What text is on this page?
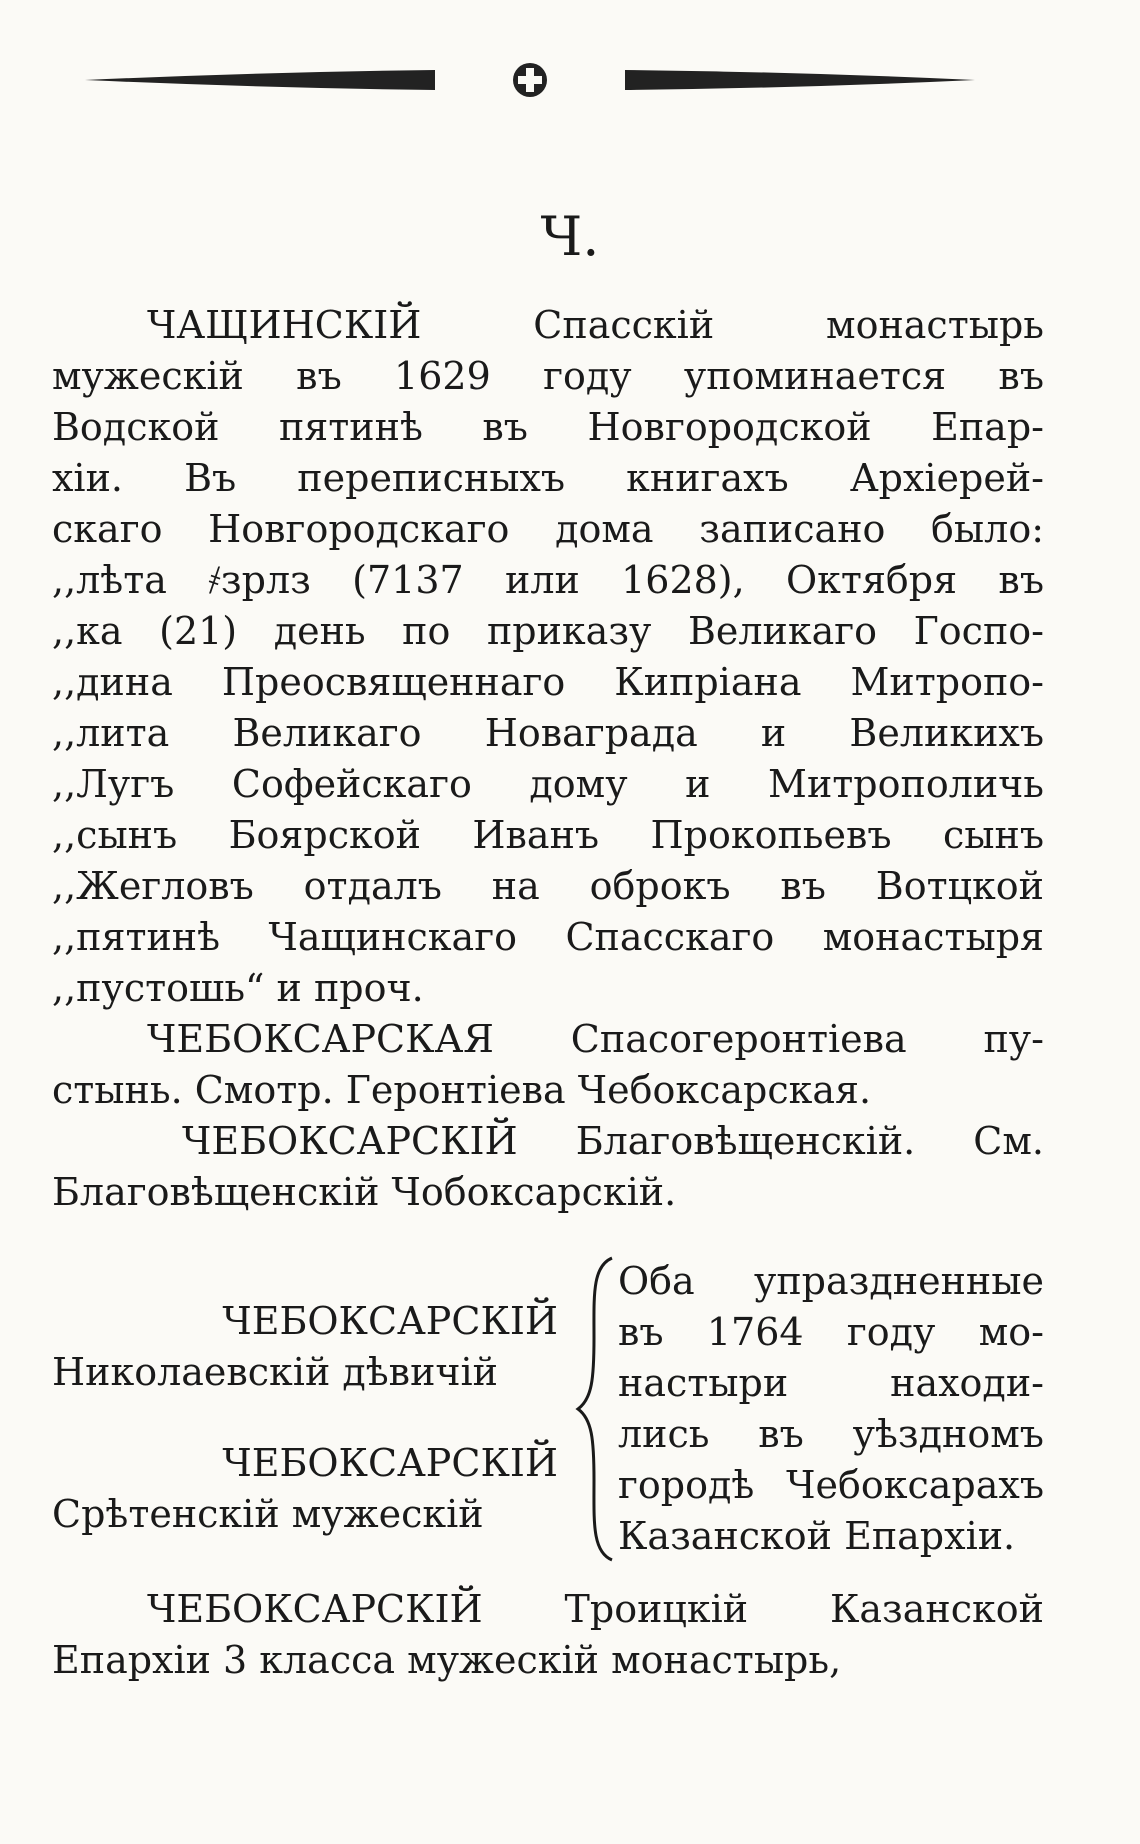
Ч.
ЧАЩИНСКІЙ Спасскій монастырь
мужескій въ 1629 году упоминается въ
Водской пятинѣ въ Новгородской Епар-
хіи. Въ переписныхъ книгахъ Архіерей-
скаго Новгородскаго дома записано было:
,,лѣта ҂зрлз (7137 или 1628), Октября въ
,,ка (21) день по приказу Великаго Госпо-
,,дина Преосвященнаго Кипріана Митропо-
,,лита Великаго Новаграда и Великихъ
,,Лугъ Софейскаго дому и Митрополичь
,,сынъ Боярской Иванъ Прокопьевъ сынъ
,,Жегловъ отдалъ на оброкъ въ Вотцкой
,,пятинѣ Чащинскаго Спасскаго монастыря
,,пустошь“ и проч.
ЧЕБОКСАРСКАЯ Спасогеронтіева пу-
стынь. Смотр. Геронтіева Чебоксарская.
ЧЕБОКСАРСКІЙ Благовѣщенскій. См.
Благовѣщенскій Чобоксарскій.
ЧЕБОКСАРСКІЙ
Николаевскій дѣвичій
ЧЕБОКСАРСКІЙ
Срѣтенскій мужескій
Оба упраздненные
въ 1764 году мо-
настыри находи-
лись въ уѣздномъ
городѣ Чебоксарахъ
Казанской Епархіи.
ЧЕБОКСАРСКІЙ Троицкій Казанской
Епархіи 3 класса мужескій монастырь,
